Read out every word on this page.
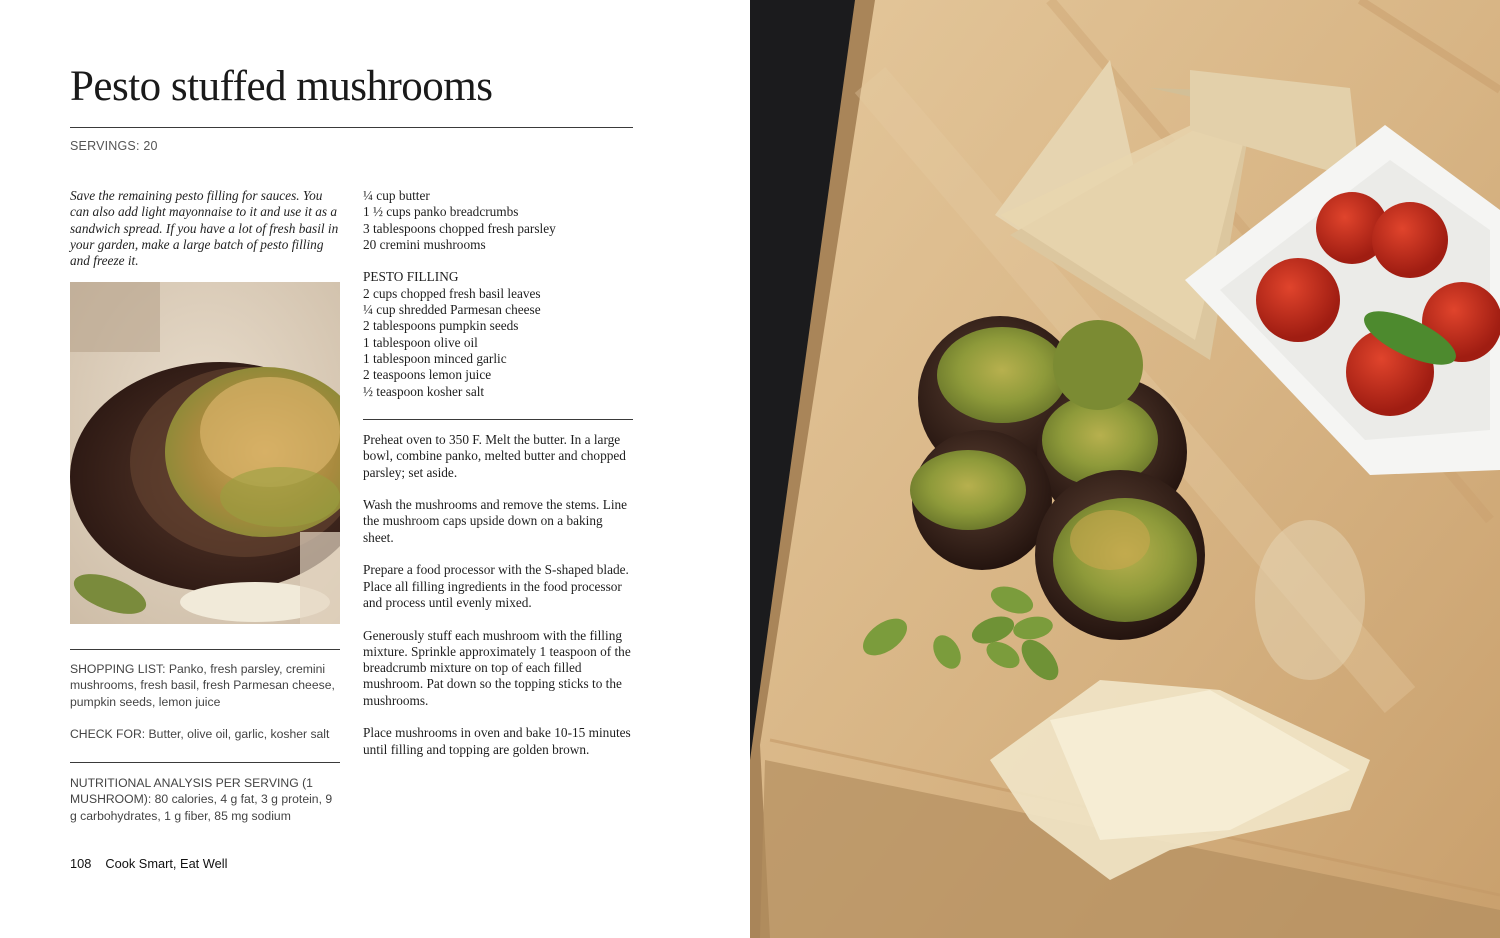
Pesto stuffed mushrooms
SERVINGS: 20
Save the remaining pesto filling for sauces. You can also add light mayonnaise to it and use it as a sandwich spread. If you have a lot of fresh basil in your garden, make a large batch of pesto filling and freeze it.
SHOPPING LIST: Panko, fresh parsley, cremini mushrooms, fresh basil, fresh Parmesan cheese, pumpkin seeds, lemon juice
CHECK FOR: Butter, olive oil, garlic, kosher salt
NUTRITIONAL ANALYSIS PER SERVING (1 MUSHROOM): 80 calories, 4 g fat, 3 g protein, 9 g carbohydrates, 1 g fiber, 85 mg sodium
¼ cup butter
1 ½ cups panko breadcrumbs
3 tablespoons chopped fresh parsley
20 cremini mushrooms

PESTO FILLING
2 cups chopped fresh basil leaves
¼ cup shredded Parmesan cheese
2 tablespoons pumpkin seeds
1 tablespoon olive oil
1 tablespoon minced garlic
2 teaspoons lemon juice
½ teaspoon kosher salt

Preheat oven to 350 F. Melt the butter. In a large bowl, combine panko, melted butter and chopped parsley; set aside.

Wash the mushrooms and remove the stems. Line the mushroom caps upside down on a baking sheet.

Prepare a food processor with the S-shaped blade. Place all filling ingredients in the food processor and process until evenly mixed.

Generously stuff each mushroom with the filling mixture. Sprinkle approximately 1 teaspoon of the breadcrumb mixture on top of each filled mushroom. Pat down so the topping sticks to the mushrooms.

Place mushrooms in oven and bake 10-15 minutes until filling and topping are golden brown.

108 Cook Smart, Eat Well
